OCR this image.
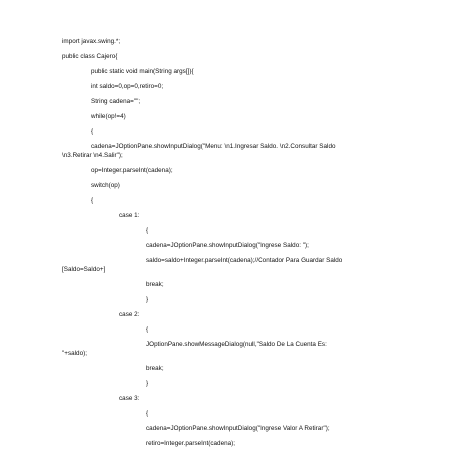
import javax.swing.*;
public class Cajero{
public static void main(String args[]){
int saldo=0,op=0,retiro=0;
String cadena="";
while(op!=4)
{
cadena=JOptionPane.showInputDialog("Menu: \n1.Ingresar Saldo. \n2.Consultar Saldo
\n3.Retirar \n4.Salir");
op=Integer.parseInt(cadena);
switch(op)
{
case 1:
{
cadena=JOptionPane.showInputDialog("Ingrese Saldo: ");
saldo=saldo+Integer.parseInt(cadena);//Contador Para Guardar Saldo
[Saldo=Saldo+]
break;
}
case 2:
{
JOptionPane.showMessageDialog(null,"Saldo De La Cuenta Es:
"+saldo);
break;
}
case 3:
{
cadena=JOptionPane.showInputDialog("Ingrese Valor A Retirar");
retiro=Integer.parseInt(cadena);
